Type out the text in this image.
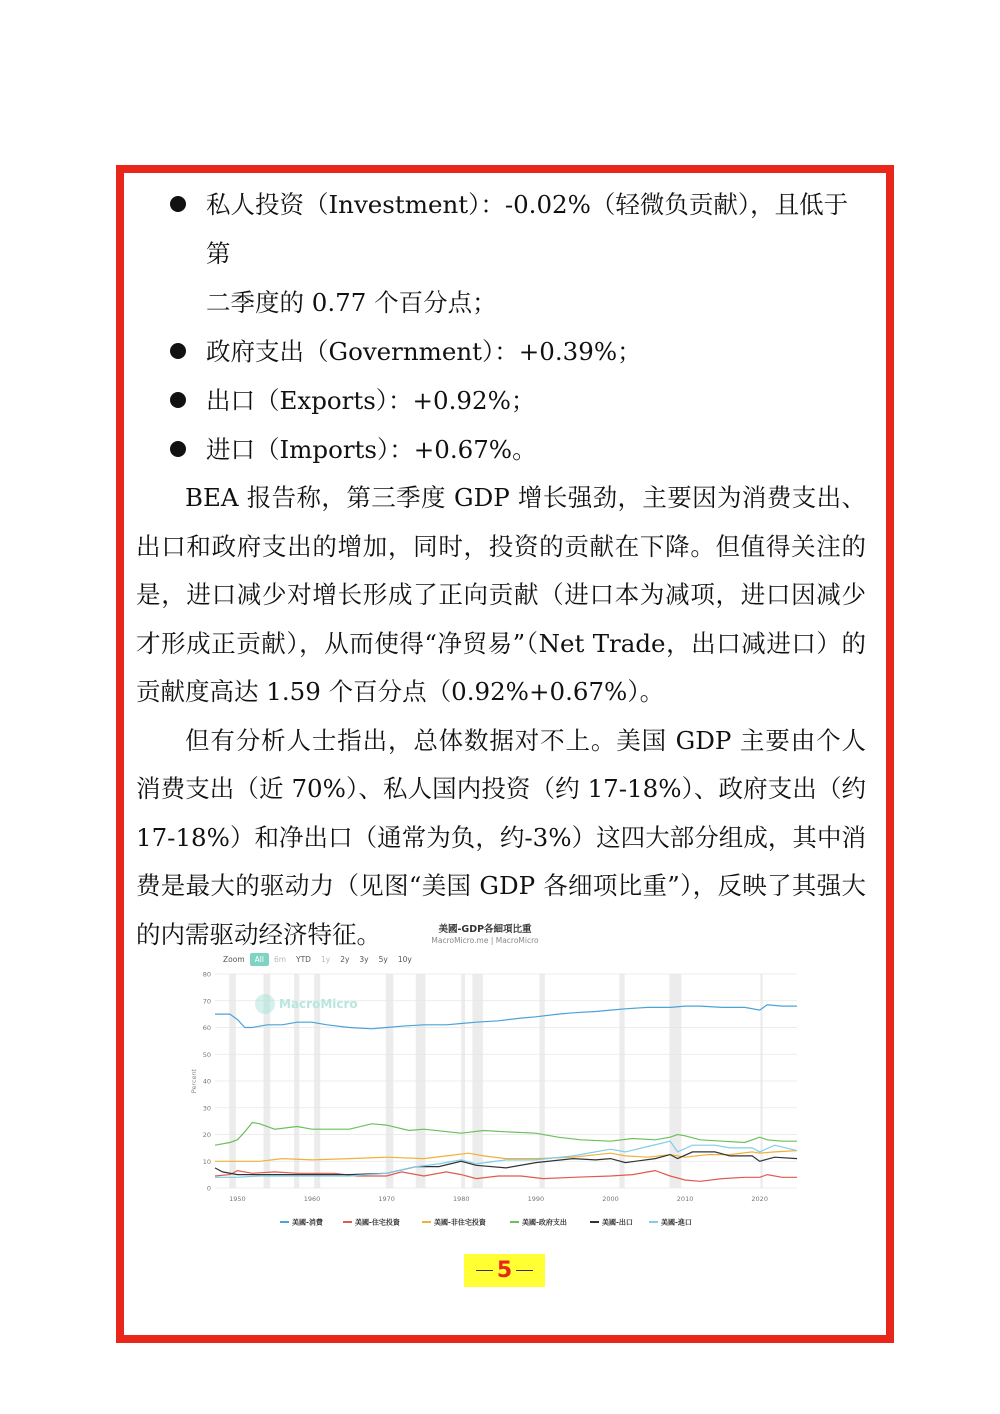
私人投资（Investment）：-0.02%（轻微负贡献），且低于第
二季度的 0.77 个百分点；
政府支出（Government）：+0.39%；
出口（Exports）：+0.92%；
进口（Imports）：+0.67%。

BEA 报告称，第三季度 GDP 增长强劲，主要因为消费支出、出口和政府支出的增加，同时，投资的贡献在下降。但值得关注的是，进口减少对增长形成了正向贡献（进口本为减项，进口因减少才形成正贡献），从而使得“净贸易”（Net Trade，出口减进口）的贡献度高达 1.59 个百分点（0.92%+0.67%）。

但有分析人士指出，总体数据对不上。美国 GDP 主要由个人消费支出（近 70%）、私人国内投资（约 17-18%）、政府支出（约 17-18%）和净出口（通常为负，约-3%）这四大部分组成，其中消费是最大的驱动力（见图“美国 GDP 各细项比重”），反映了其强大的内需驱动经济特征。	美國-GDP各細項比重
MacroMicro.me | MacroMicro
Zoom	All	6m	YTD	1y	2y	3y	5y	10y
0
10
20
30
40
50
60
70
80
1950	1960	1970	1980	1990	2000	2010	2020
Percent
MacroMicro
美國-消費	美國-住宅投資	美國-非住宅投資	美國-政府支出	美國-出口	美國-進口
5
